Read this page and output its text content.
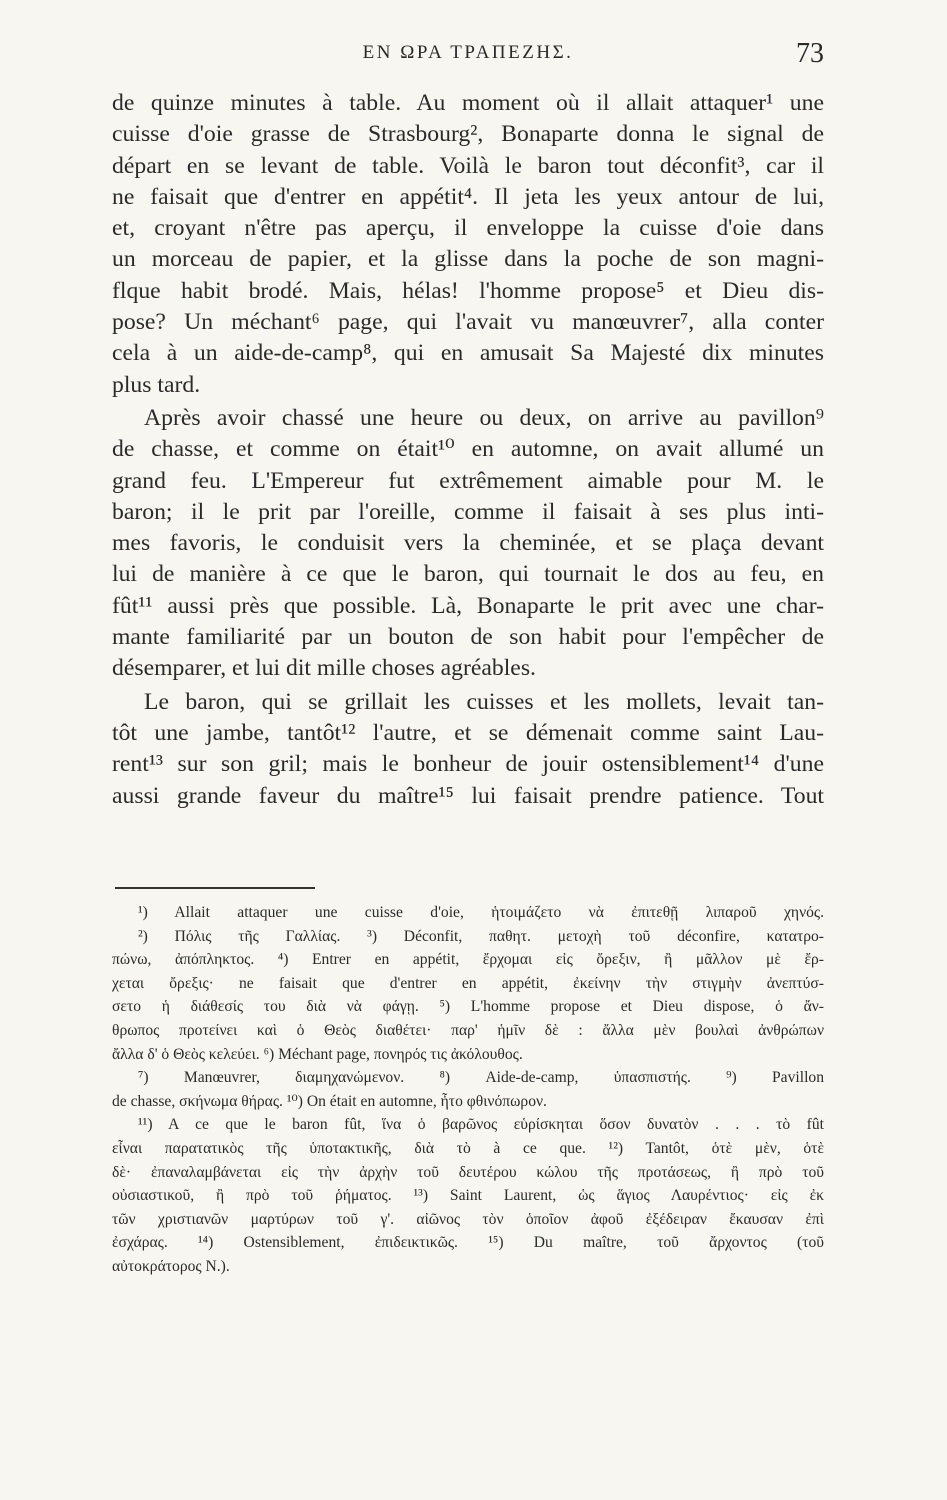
ΕΝ ΩΡΑ ΤΡΑΠΕΖΗΣ.	73
de quinze minutes à table. Au moment où il allait attaquer¹ une
cuisse d'oie grasse de Strasbourg², Bonaparte donna le signal de
départ en se levant de table. Voilà le baron tout déconfit³, car il
ne faisait que d'entrer en appétit⁴. Il jeta les yeux antour de lui,
et, croyant n'être pas aperçu, il enveloppe la cuisse d'oie dans
un morceau de papier, et la glisse dans la poche de son magni-
flque habit brodé. Mais, hélas! l'homme propose⁵ et Dieu dis-
pose? Un méchant⁶ page, qui l'avait vu manœuvrer⁷, alla conter
cela à un aide-de-camp⁸, qui en amusait Sa Majesté dix minutes
plus tard.
Après avoir chassé une heure ou deux, on arrive au pavillon⁹
de chasse, et comme on était¹⁰ en automne, on avait allumé un
grand feu. L'Empereur fut extrêmement aimable pour M. le
baron; il le prit par l'oreille, comme il faisait à ses plus inti-
mes favoris, le conduisit vers la cheminée, et se plaça devant
lui de manière à ce que le baron, qui tournait le dos au feu, en
fût¹¹ aussi près que possible. Là, Bonaparte le prit avec une char-
mante familiarité par un bouton de son habit pour l'empêcher de
désemparer, et lui dit mille choses agréables.
Le baron, qui se grillait les cuisses et les mollets, levait tan-
tôt une jambe, tantôt¹² l'autre, et se démenait comme saint Lau-
rent¹³ sur son gril; mais le bonheur de jouir ostensiblement¹⁴ d'une
aussi grande faveur du maître¹⁵ lui faisait prendre patience. Tout
¹) Allait attaquer une cuisse d'oie, ἡτοιμάζετο νὰ ἐπιτεθῇ λιπαροῦ χηνός.
²) Πόλις τῆς Γαλλίας. ³) Déconfit, παθητ. μετοχὴ τοῦ déconfire, κατατρο-
πώνω, ἀπόπληκτος. ⁴) Entrer en appétit, ἔρχομαι εἰς ὄρεξιν, ἢ μᾶλλον μὲ ἔρ-
χεται ὄρεξις· ne faisait que d'entrer en appétit, ἐκείνην τὴν στιγμὴν ἀνεπτύσ-
σετο ἡ διάθεσίς του διὰ νὰ φάγῃ. ⁵) L'homme propose et Dieu dispose, ὁ ἄν-
θρωπος προτείνει καὶ ὁ Θεὸς διαθέτει· παρ' ἡμῖν δὲ : ἄλλα μὲν βουλαὶ ἀνθρώπων
ἄλλα δ' ὁ Θεὸς κελεύει. ⁶) Méchant page, πονηρός τις ἀκόλουθος.
⁷) Manœuvrer, διαμηχανώμενον. ⁸) Aide-de-camp, ὑπασπιστής. ⁹) Pavillon
de chasse, σκήνωμα θήρας. ¹⁰) On était en automne, ἦτο φθινόπωρον.
¹¹) A ce que le baron fût, ἵνα ὁ βαρῶνος εὑρίσκηται ὅσον δυνατὸν . . . τὸ fût
εἶναι παρατατικὸς τῆς ὑποτακτικῆς, διὰ τὸ à ce que. ¹²) Tantôt, ὁτὲ μὲν, ὁτὲ
δὲ· ἐπαναλαμβάνεται εἰς τὴν ἀρχὴν τοῦ δευτέρου κώλου τῆς προτάσεως, ἢ πρὸ τοῦ
οὐσιαστικοῦ, ἢ πρὸ τοῦ ῥήματος. ¹³) Saint Laurent, ὡς ἅγιος Λαυρέντιος· εἰς ἐκ
τῶν χριστιανῶν μαρτύρων τοῦ γ'. αἰῶνος τὸν ὁποῖον ἀφοῦ ἐξέδειραν ἔκαυσαν ἐπὶ
ἐσχάρας. ¹⁴) Ostensiblement, ἐπιδεικτικῶς. ¹⁵) Du maître, τοῦ ἄρχοντος (τοῦ
αὐτοκράτορος Ν.).
